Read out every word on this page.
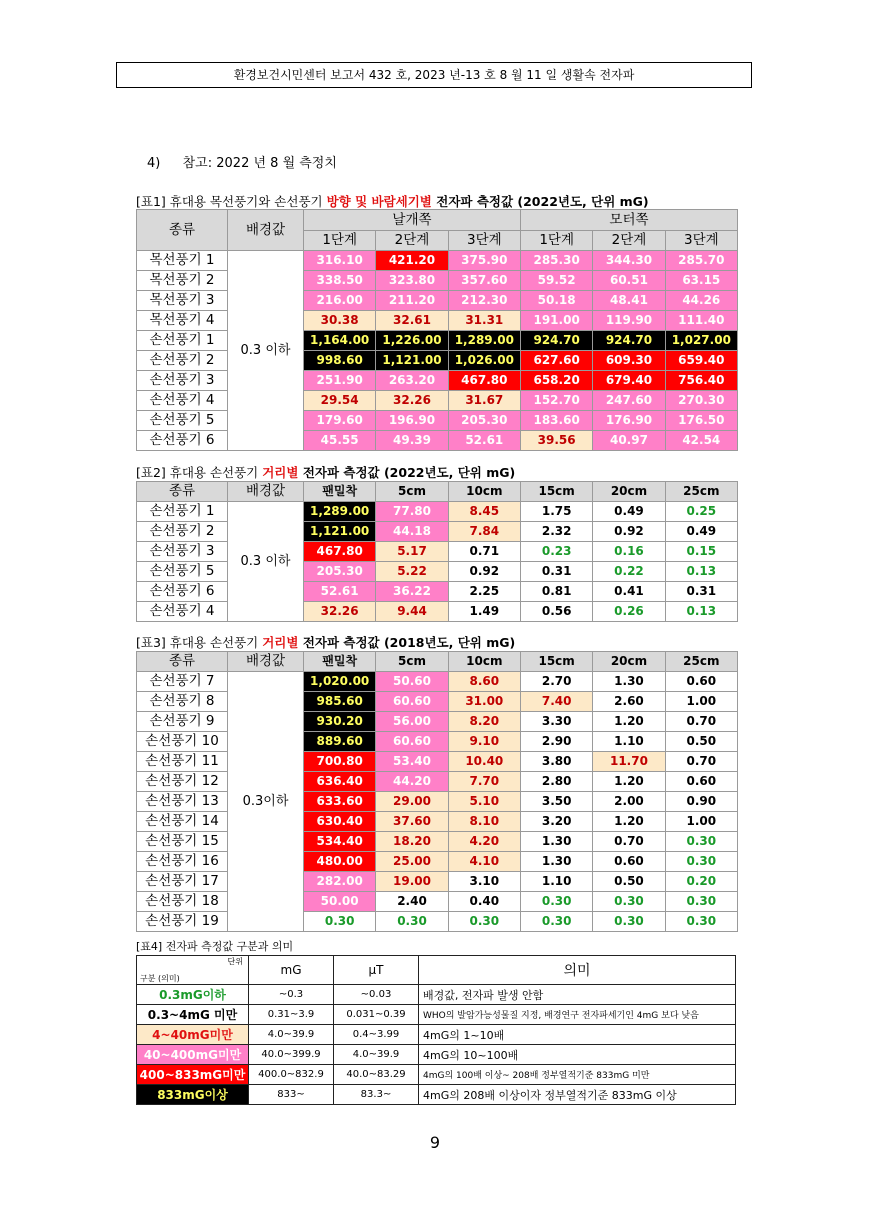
환경보건시민센터 보고서 432 호, 2023 년-13 호 8 월 11 일 생활속 전자파
4) 참고: 2022 년 8 월 측정치
[표1] 휴대용 목선풍기와 손선풍기 방향 및 바람세기별 전자파 측정값 (2022년도, 단위 mG)
종류	배경값	날개쪽			모터쪽		
		1단계	2단계	3단계	1단계	2단계	3단계
목선풍기 1	0.3 이하	316.10	421.20	375.90	285.30	344.30	285.70
목선풍기 2		338.50	323.80	357.60	59.52	60.51	63.15
목선풍기 3		216.00	211.20	212.30	50.18	48.41	44.26
목선풍기 4		30.38	32.61	31.31	191.00	119.90	111.40
손선풍기 1		1,164.00	1,226.00	1,289.00	924.70	924.70	1,027.00
손선풍기 2		998.60	1,121.00	1,026.00	627.60	609.30	659.40
손선풍기 3		251.90	263.20	467.80	658.20	679.40	756.40
손선풍기 4		29.54	32.26	31.67	152.70	247.60	270.30
손선풍기 5		179.60	196.90	205.30	183.60	176.90	176.50
손선풍기 6		45.55	49.39	52.61	39.56	40.97	42.54
[표2] 휴대용 손선풍기 거리별 전자파 측정값 (2022년도, 단위 mG)
종류	배경값	팬밀착	5cm	10cm	15cm	20cm	25cm
손선풍기 1	0.3 이하	1,289.00	77.80	8.45	1.75	0.49	0.25
손선풍기 2		1,121.00	44.18	7.84	2.32	0.92	0.49
손선풍기 3		467.80	5.17	0.71	0.23	0.16	0.15
손선풍기 5		205.30	5.22	0.92	0.31	0.22	0.13
손선풍기 6		52.61	36.22	2.25	0.81	0.41	0.31
손선풍기 4		32.26	9.44	1.49	0.56	0.26	0.13
[표3] 휴대용 손선풍기 거리별 전자파 측정값 (2018년도, 단위 mG)
종류	배경값	팬밀착	5cm	10cm	15cm	20cm	25cm
손선풍기 7	0.3이하	1,020.00	50.60	8.60	2.70	1.30	0.60
손선풍기 8		985.60	60.60	31.00	7.40	2.60	1.00
손선풍기 9		930.20	56.00	8.20	3.30	1.20	0.70
손선풍기 10		889.60	60.60	9.10	2.90	1.10	0.50
손선풍기 11		700.80	53.40	10.40	3.80	11.70	0.70
손선풍기 12		636.40	44.20	7.70	2.80	1.20	0.60
손선풍기 13		633.60	29.00	5.10	3.50	2.00	0.90
손선풍기 14		630.40	37.60	8.10	3.20	1.20	1.00
손선풍기 15		534.40	18.20	4.20	1.30	0.70	0.30
손선풍기 16		480.00	25.00	4.10	1.30	0.60	0.30
손선풍기 17		282.00	19.00	3.10	1.10	0.50	0.20
손선풍기 18		50.00	2.40	0.40	0.30	0.30	0.30
손선풍기 19		0.30	0.30	0.30	0.30	0.30	0.30
[표4] 전자파 측정값 구분과 의미
단위
구분 (의미)	mG	μT	의미
0.3mG이하	~0.3	~0.03	배경값, 전자파 발생 안함
0.3~4mG 미만	0.31~3.9	0.031~0.39	WHO의 발암가능성물질 지정, 배경연구 전자파세기인 4mG 보다 낮음
4~40mG미만	4.0~39.9	0.4~3.99	4mG의 1~10배
40~400mG미만	40.0~399.9	4.0~39.9	4mG의 10~100배
400~833mG미만	400.0~832.9	40.0~83.29	4mG의 100배 이상~ 208배 정부열적기준 833mG 미만
833mG이상	833~	83.3~	4mG의 208배 이상이자 정부열적기준 833mG 이상
9
